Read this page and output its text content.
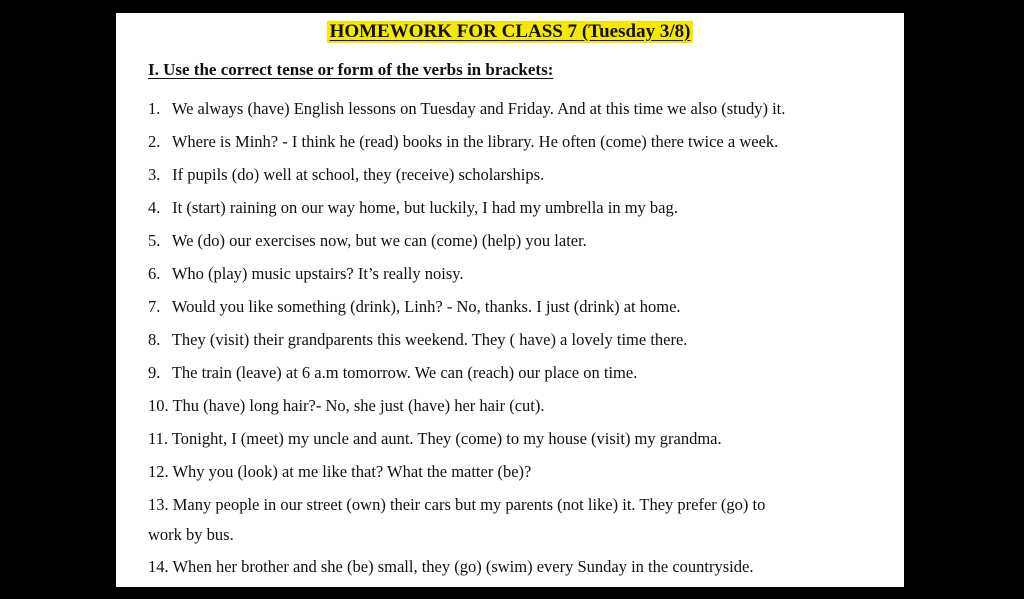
HOMEWORK FOR CLASS 7 (Tuesday 3/8)
I. Use the correct tense or form of the verbs in brackets:
1. We always (have) English lessons on Tuesday and Friday. And at this time we also (study) it.
2. Where is Minh? - I think he (read) books in the library. He often (come) there twice a week.
3. If pupils (do) well at school, they (receive) scholarships.
4. It (start) raining on our way home, but luckily, I had my umbrella in my bag.
5. We (do) our exercises now, but we can (come) (help) you later.
6. Who (play) music upstairs? It’s really noisy.
7. Would you like something (drink), Linh? - No, thanks. I just (drink) at home.
8. They (visit) their grandparents this weekend. They ( have) a lovely time there.
9. The train (leave) at 6 a.m tomorrow. We can (reach) our place on time.
10. Thu (have) long hair?- No, she just (have) her hair (cut).
11. Tonight, I (meet) my uncle and aunt. They (come) to my house (visit) my grandma.
12. Why you (look) at me like that? What the matter (be)?
13. Many people in our street (own) their cars but my parents (not like) it. They prefer (go) to
work by bus.
14. When her brother and she (be) small, they (go) (swim) every Sunday in the countryside.
